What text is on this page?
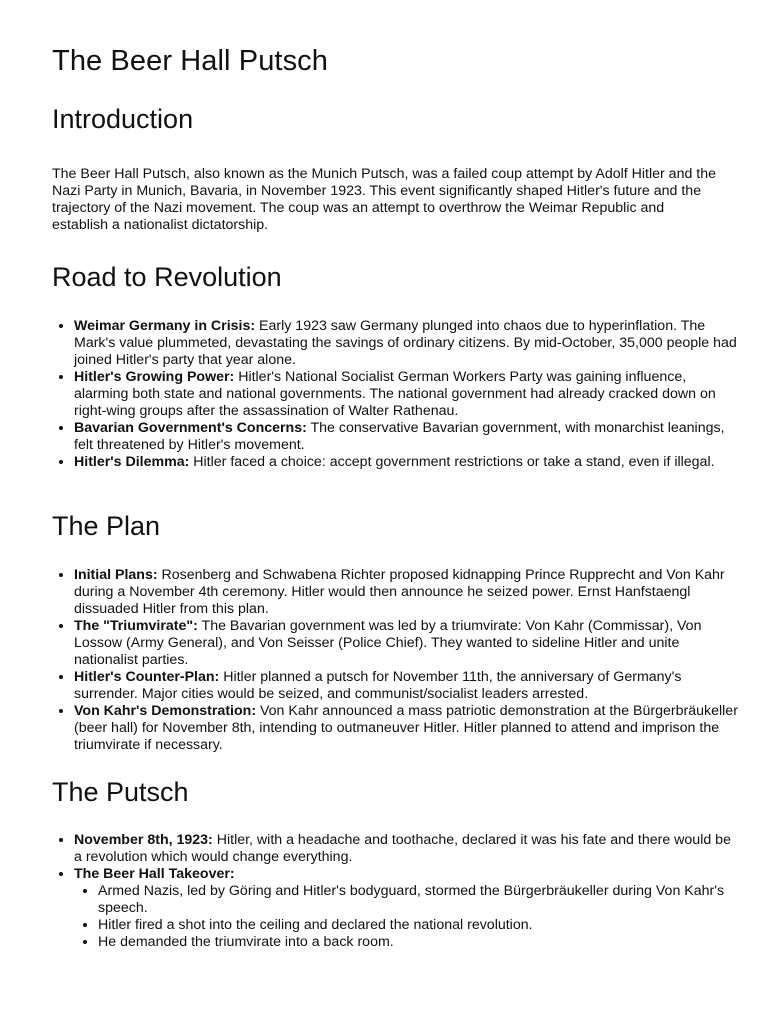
The Beer Hall Putsch
Introduction

The Beer Hall Putsch, also known as the Munich Putsch, was a failed coup attempt by Adolf Hitler and the Nazi Party in Munich, Bavaria, in November 1923. This event significantly shaped Hitler's future and the trajectory of the Nazi movement. The coup was an attempt to overthrow the Weimar Republic and establish a nationalist dictatorship.

Road to Revolution
• Weimar Germany in Crisis: Early 1923 saw Germany plunged into chaos due to hyperinflation. The Mark's value plummeted, devastating the savings of ordinary citizens. By mid-October, 35,000 people had joined Hitler's party that year alone.
• Hitler's Growing Power: Hitler's National Socialist German Workers Party was gaining influence, alarming both state and national governments. The national government had already cracked down on right-wing groups after the assassination of Walter Rathenau.
• Bavarian Government's Concerns: The conservative Bavarian government, with monarchist leanings, felt threatened by Hitler's movement.
• Hitler's Dilemma: Hitler faced a choice: accept government restrictions or take a stand, even if illegal.
The Plan
• Initial Plans: Rosenberg and Schwabena Richter proposed kidnapping Prince Rupprecht and Von Kahr during a November 4th ceremony. Hitler would then announce he seized power. Ernst Hanfstaengl dissuaded Hitler from this plan.
• The "Triumvirate": The Bavarian government was led by a triumvirate: Von Kahr (Commissar), Von Lossow (Army General), and Von Seisser (Police Chief). They wanted to sideline Hitler and unite nationalist parties.
• Hitler's Counter-Plan: Hitler planned a putsch for November 11th, the anniversary of Germany's surrender. Major cities would be seized, and communist/socialist leaders arrested.
• Von Kahr's Demonstration: Von Kahr announced a mass patriotic demonstration at the Bürgerbräukeller (beer hall) for November 8th, intending to outmaneuver Hitler. Hitler planned to attend and imprison the triumvirate if necessary.
The Putsch
• November 8th, 1923: Hitler, with a headache and toothache, declared it was his fate and there would be a revolution which would change everything.
• The Beer Hall Takeover:
• Armed Nazis, led by Göring and Hitler's bodyguard, stormed the Bürgerbräukeller during Von Kahr's speech.
• Hitler fired a shot into the ceiling and declared the national revolution.
• He demanded the triumvirate into a back room.
